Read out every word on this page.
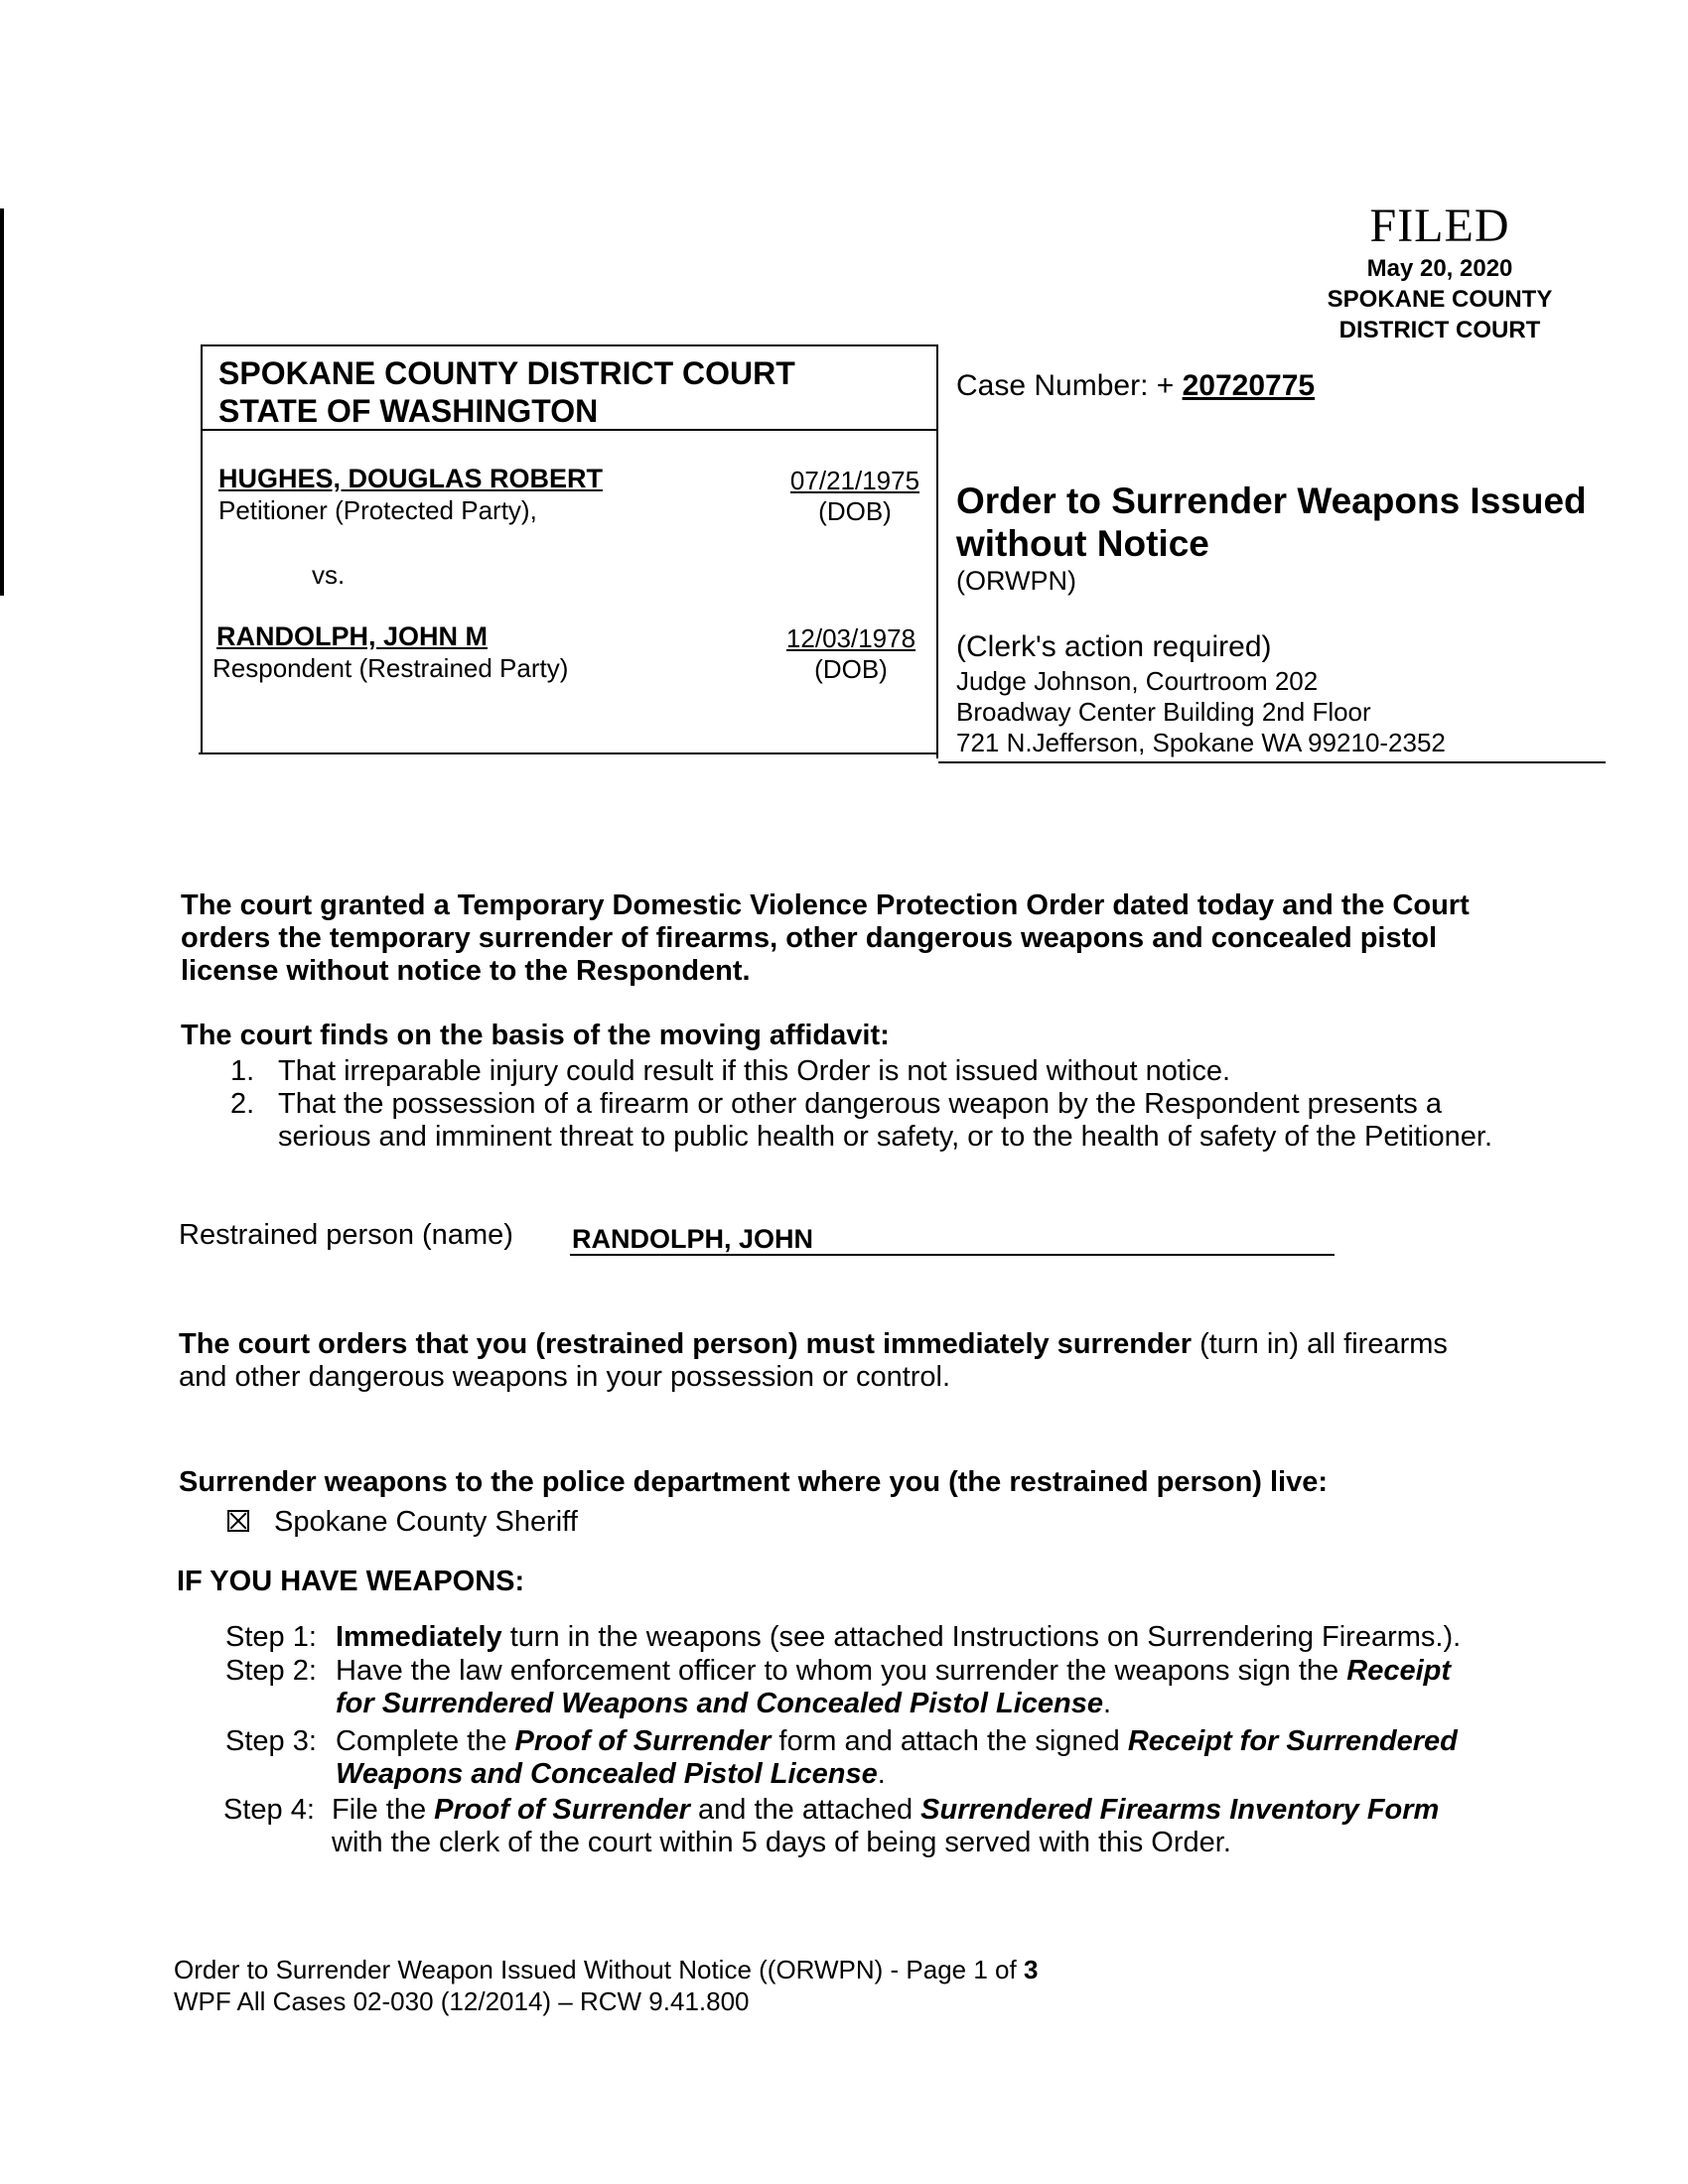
FILED
May 20, 2020
SPOKANE COUNTY
DISTRICT COURT
SPOKANE COUNTY DISTRICT COURT
STATE OF WASHINGTON
HUGHES, DOUGLAS ROBERT
Petitioner (Protected Party),
07/21/1975
(DOB)
vs.
RANDOLPH, JOHN M
Respondent (Restrained Party)
12/03/1978
(DOB)
Case Number: + 20720775
Order to Surrender Weapons Issued
without Notice
(ORWPN)
(Clerk's action required)
Judge Johnson, Courtroom 202
Broadway Center Building 2nd Floor
721 N.Jefferson, Spokane WA 99210-2352
The court granted a Temporary Domestic Violence Protection Order dated today and the Court
orders the temporary surrender of firearms, other dangerous weapons and concealed pistol
license without notice to the Respondent.
The court finds on the basis of the moving affidavit:
1. That irreparable injury could result if this Order is not issued without notice.
2. That the possession of a firearm or other dangerous weapon by the Respondent presents a
serious and imminent threat to public health or safety, or to the health of safety of the Petitioner.
Restrained person (name) RANDOLPH, JOHN
The court orders that you (restrained person) must immediately surrender (turn in) all firearms
and other dangerous weapons in your possession or control.
Surrender weapons to the police department where you (the restrained person) live:
Spokane County Sheriff
IF YOU HAVE WEAPONS:
Step 1: Immediately turn in the weapons (see attached Instructions on Surrendering Firearms.).
Step 2: Have the law enforcement officer to whom you surrender the weapons sign the Receipt
for Surrendered Weapons and Concealed Pistol License.
Step 3: Complete the Proof of Surrender form and attach the signed Receipt for Surrendered
Weapons and Concealed Pistol License.
Step 4: File the Proof of Surrender and the attached Surrendered Firearms Inventory Form
with the clerk of the court within 5 days of being served with this Order.
Order to Surrender Weapon Issued Without Notice ((ORWPN) - Page 1 of 3
WPF All Cases 02-030 (12/2014) – RCW 9.41.800
